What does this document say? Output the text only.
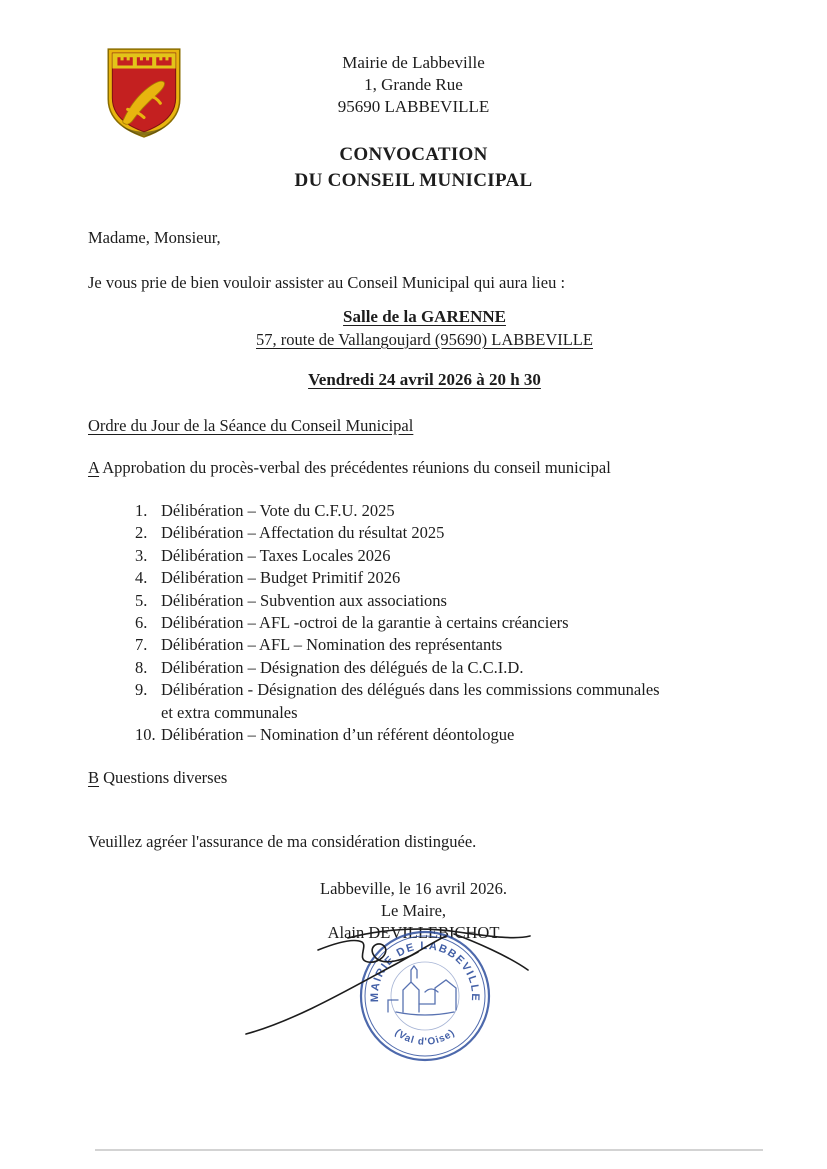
Mairie de Labbeville
1, Grande Rue
95690 LABBEVILLE
CONVOCATION
DU CONSEIL MUNICIPAL
Madame, Monsieur,
Je vous prie de bien vouloir assister au Conseil Municipal qui aura lieu :
Salle de la GARENNE
57, route de Vallangoujard (95690) LABBEVILLE
Vendredi 24 avril 2026 à 20 h 30
Ordre du Jour de la Séance du Conseil Municipal
A Approbation du procès-verbal des précédentes réunions du conseil municipal
1. Délibération – Vote du C.F.U. 2025
2. Délibération – Affectation du résultat 2025
3. Délibération – Taxes Locales 2026
4. Délibération – Budget Primitif 2026
5. Délibération – Subvention aux associations
6. Délibération – AFL -octroi de la garantie à certains créanciers
7. Délibération – AFL – Nomination des représentants
8. Délibération – Désignation des délégués de la C.C.I.D.
9. Délibération - Désignation des délégués dans les commissions communales et extra communales
10. Délibération – Nomination d’un référent déontologue
B Questions diverses
Veuillez agréer l'assurance de ma considération distinguée.
Labbeville, le 16 avril 2026.
Le Maire,
Alain DEVILLEBICHOT
MAIRIE DE LABBEVILLE
(Val d'Oise)
